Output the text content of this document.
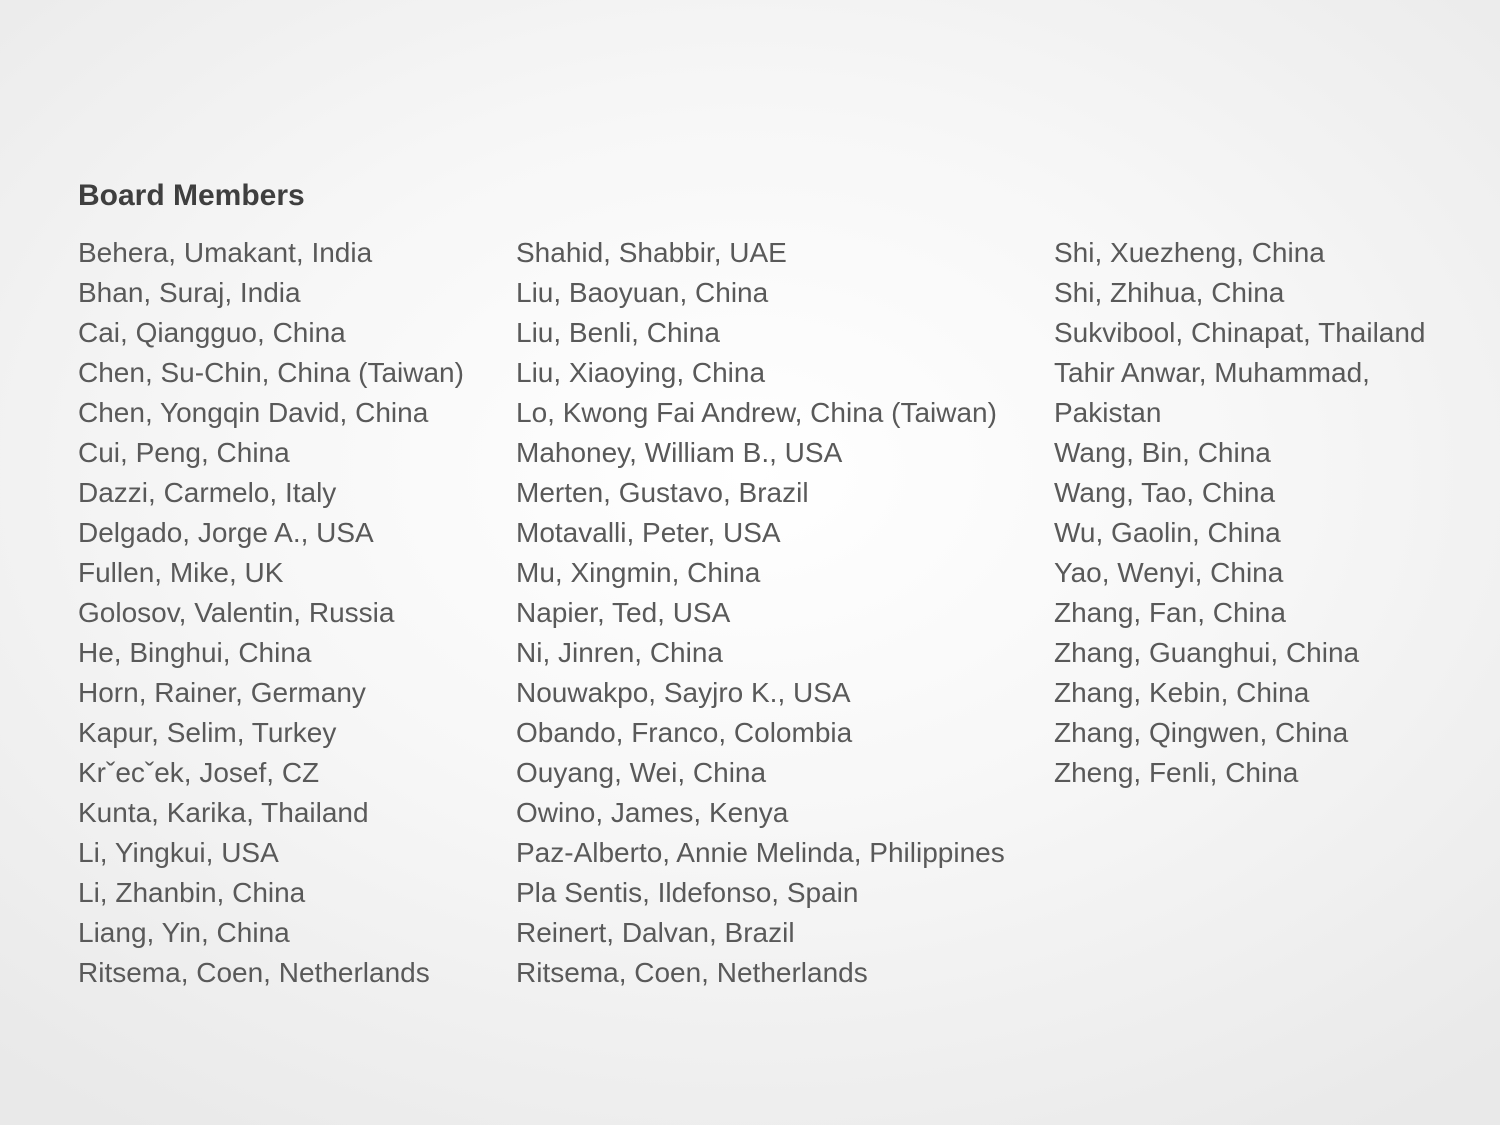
Board Members
Behera, Umakant, India
Bhan, Suraj, India
Cai, Qiangguo, China
Chen, Su-Chin, China (Taiwan)
Chen, Yongqin David, China
Cui, Peng, China
Dazzi, Carmelo, Italy
Delgado, Jorge A., USA
Fullen, Mike, UK
Golosov, Valentin, Russia
He, Binghui, China
Horn, Rainer, Germany
Kapur, Selim, Turkey
Krˇecˇek, Josef, CZ
Kunta, Karika, Thailand
Li, Yingkui, USA
Li, Zhanbin, China
Liang, Yin, China
Ritsema, Coen, Netherlands
Shahid, Shabbir, UAE
Liu, Baoyuan, China
Liu, Benli, China
Liu, Xiaoying, China
Lo, Kwong Fai Andrew, China (Taiwan)
Mahoney, William B., USA
Merten, Gustavo, Brazil
Motavalli, Peter, USA
Mu, Xingmin, China
Napier, Ted, USA
Ni, Jinren, China
Nouwakpo, Sayjro K., USA
Obando, Franco, Colombia
Ouyang, Wei, China
Owino, James, Kenya
Paz-Alberto, Annie Melinda, Philippines
Pla Sentis, Ildefonso, Spain
Reinert, Dalvan, Brazil
Ritsema, Coen, Netherlands
Shi, Xuezheng, China
Shi, Zhihua, China
Sukvibool, Chinapat, Thailand
Tahir Anwar, Muhammad,
Pakistan
Wang, Bin, China
Wang, Tao, China
Wu, Gaolin, China
Yao, Wenyi, China
Zhang, Fan, China
Zhang, Guanghui, China
Zhang, Kebin, China
Zhang, Qingwen, China
Zheng, Fenli, China
